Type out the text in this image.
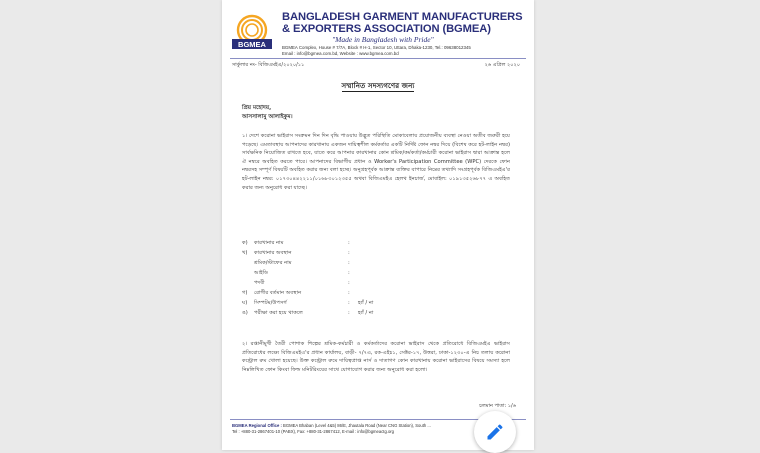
BGMEA
BANGLADESH GARMENT MANUFACTURERS
& EXPORTERS ASSOCIATION (BGMEA)
"Made in Bangladesh with Pride"
BGMEA Complex, House # 7/7A, Block # H-1, Sector 10, Uttara, Dhaka-1230, Tel.: 09638012345
Email : info@bgmea.com.bd, Website : www.bgmea.com.bd
সার্কুলার নং- বিজিএমইএ/২০২০/১১	২৬ এপ্রিল ২০২০
সম্মানিত সদস্যগণের জন্য
প্রিয় মহোদয়,
আসসালামু আলাইকুম।
১। দেশে করোনা ভাইরাস সংক্রমন দিন দিন বৃদ্ধি পাওয়ায় উদ্ভূত পরিস্থিতি মোকাবেলায় প্রয়োজনীয় ব্যবস্থা নেওয়া অতীব জরুরী হয়ে পড়েছে। এমতাবস্থায় আপনাদের কারখানায় একজন দায়িত্বশীল কর্মকর্তার একটি নির্দিষ্ট ফোন নম্বর দিয়ে (বিশেষ করে হট-লাইন নম্বর) সার্বক্ষনিক নিয়োজিত রাখতে হবে, যাতে করে আপনার কারখানার কোন শ্রমিক/কর্মকর্তা/কর্মচারী করোনা ভাইরাস দ্বারা আক্রান্ত হলে ঐ নম্বরে অবহিত করতে পারে। আপনাদের বিভাগীয় প্রধান ও Worker's Participation Committee (WPC) দেরকে ফোন নম্বরসহ সম্পূর্ণ বিষয়টি অবহিত করার জন্য বলা হচ্ছে। অনুগ্রহপূর্বক আক্রান্ত ব্যক্তির বাপারে নিম্নের তথ্যাদি সংগ্রহপূর্বক বিজিএমইএ'র হট-লাইন নম্বর: ০১৭৩০৪৪২২১১/০১৬৮৩০১২৩৫৫ অথবা বিজিএমইএ হেলথ ইনচার্জ, মোবাইল: ০১৯১৩৫২৬৮৭৭ এ অবহিত করার জন্য অনুরোধ করা যাচ্ছে।
ক) কারখানার নাম	:
খ) কারখানার অবস্থান	:
শ্রমিক/স্টাফের নাম	:
আইডি	:
পদবী	:
গ) রোগীর বর্তমান অবস্থান	:
ঘ) সিম্পটম/উপসর্গ	: হ্যাঁ / না
ঙ) পরীক্ষা করা হয়ে থাকলে	: হ্যাঁ / না
২। রপ্তানীমুখী তৈরী পোশাক শিল্পের শ্রমিক-কর্মচারী ও কর্মকর্তাদের করোনা ভাইরাস থেকে প্রতিরোধে বিজিএমইএ ভাইরাস প্রতিরোধের লক্ষ্যে বিজিএমইএ'র প্রধান কার্যালয়, বাড়ী- ৭/৭এ, রক-এইচ১, সেক্টর-১৭, উত্তরা, ঢাকা-১২৩০-এ নিচ তলায় করোনা কন্ট্রোল রুম খোলা হয়েছে। উক্ত কন্ট্রোল রুমে দায়িত্বপ্রাপ্ত নার্স ও দাতাগণ কোন কারখানায় করোনা ভাইরাসের বিষয়ে সমস্যা হলে নিম্নলিখিত ফোন কিংবা ফিল্ড মনিটরিংয়ের সাথে যোগাযোগ করার জন্য অনুরোধ করা হলো।
চলমান পাতা: ১/৬
BGMEA Regional Office : BGMEA Bhaban (Level 4&5) 86/E, Jhautala Road (Near CNG Station), South ...
Tel : +880-31-2867401-10 (PABX), Fax: +880-31-2867412, E-mail : info@bgmeactg.org
